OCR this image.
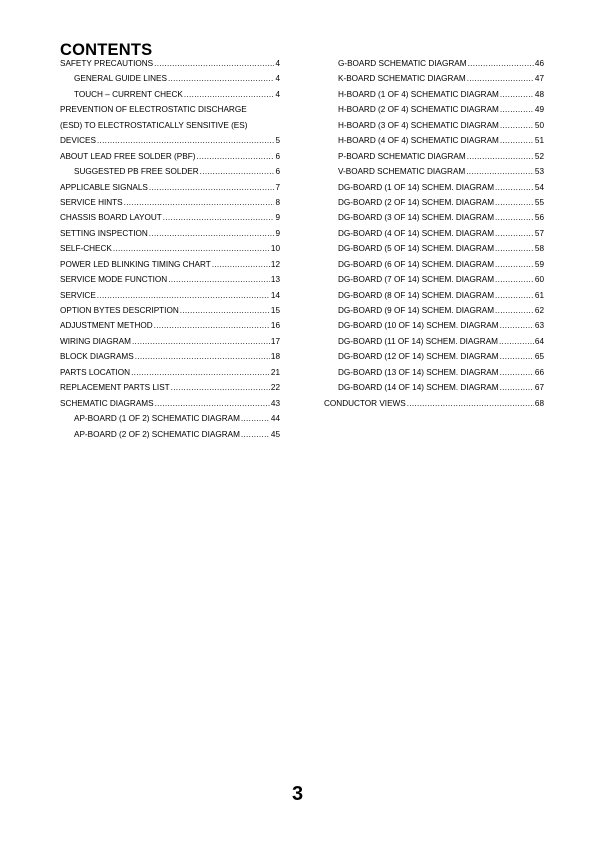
CONTENTS
SAFETY PRECAUTIONS .....	4
GENERAL GUIDE LINES .....	4
TOUCH – CURRENT CHECK .....	4
PREVENTION OF ELECTROSTATIC DISCHARGE
(ESD) TO ELECTROSTATICALLY SENSITIVE (ES)
DEVICES .....	5
ABOUT LEAD FREE SOLDER (PBF) .....	6
SUGGESTED PB FREE SOLDER .....	6
APPLICABLE SIGNALS .....	7
SERVICE HINTS .....	8
CHASSIS BOARD LAYOUT .....	9
SETTING INSPECTION .....	9
SELF-CHECK .....	10
POWER LED BLINKING TIMING CHART .....	12
SERVICE MODE FUNCTION .....	13
SERVICE .....	14
OPTION BYTES DESCRIPTION .....	15
ADJUSTMENT METHOD .....	16
WIRING DIAGRAM .....	17
BLOCK DIAGRAMS .....	18
PARTS LOCATION .....	21
REPLACEMENT PARTS LIST .....	22
SCHEMATIC DIAGRAMS .....	43
AP-BOARD (1 OF 2) SCHEMATIC DIAGRAM .....	44
AP-BOARD (2 OF 2) SCHEMATIC DIAGRAM .....	45
G-BOARD SCHEMATIC DIAGRAM .....	46
K-BOARD SCHEMATIC DIAGRAM .....	47
H-BOARD (1 OF 4) SCHEMATIC DIAGRAM .....	48
H-BOARD (2 OF 4) SCHEMATIC DIAGRAM .....	49
H-BOARD (3 OF 4) SCHEMATIC DIAGRAM .....	50
H-BOARD (4 OF 4) SCHEMATIC DIAGRAM .....	51
P-BOARD SCHEMATIC DIAGRAM .....	52
V-BOARD SCHEMATIC DIAGRAM .....	53
DG-BOARD (1 OF 14) SCHEM. DIAGRAM .....	54
DG-BOARD (2 OF 14) SCHEM. DIAGRAM .....	55
DG-BOARD (3 OF 14) SCHEM. DIAGRAM .....	56
DG-BOARD (4 OF 14) SCHEM. DIAGRAM .....	57
DG-BOARD (5 OF 14) SCHEM. DIAGRAM .....	58
DG-BOARD (6 OF 14) SCHEM. DIAGRAM .....	59
DG-BOARD (7 OF 14) SCHEM. DIAGRAM .....	60
DG-BOARD (8 OF 14) SCHEM. DIAGRAM .....	61
DG-BOARD (9 OF 14) SCHEM. DIAGRAM .....	62
DG-BOARD (10 OF 14) SCHEM. DIAGRAM .....	63
DG-BOARD (11 OF 14) SCHEM. DIAGRAM .....	64
DG-BOARD (12 OF 14) SCHEM. DIAGRAM .....	65
DG-BOARD (13 OF 14) SCHEM. DIAGRAM .....	66
DG-BOARD (14 OF 14) SCHEM. DIAGRAM .....	67
CONDUCTOR VIEWS .....	68
3
